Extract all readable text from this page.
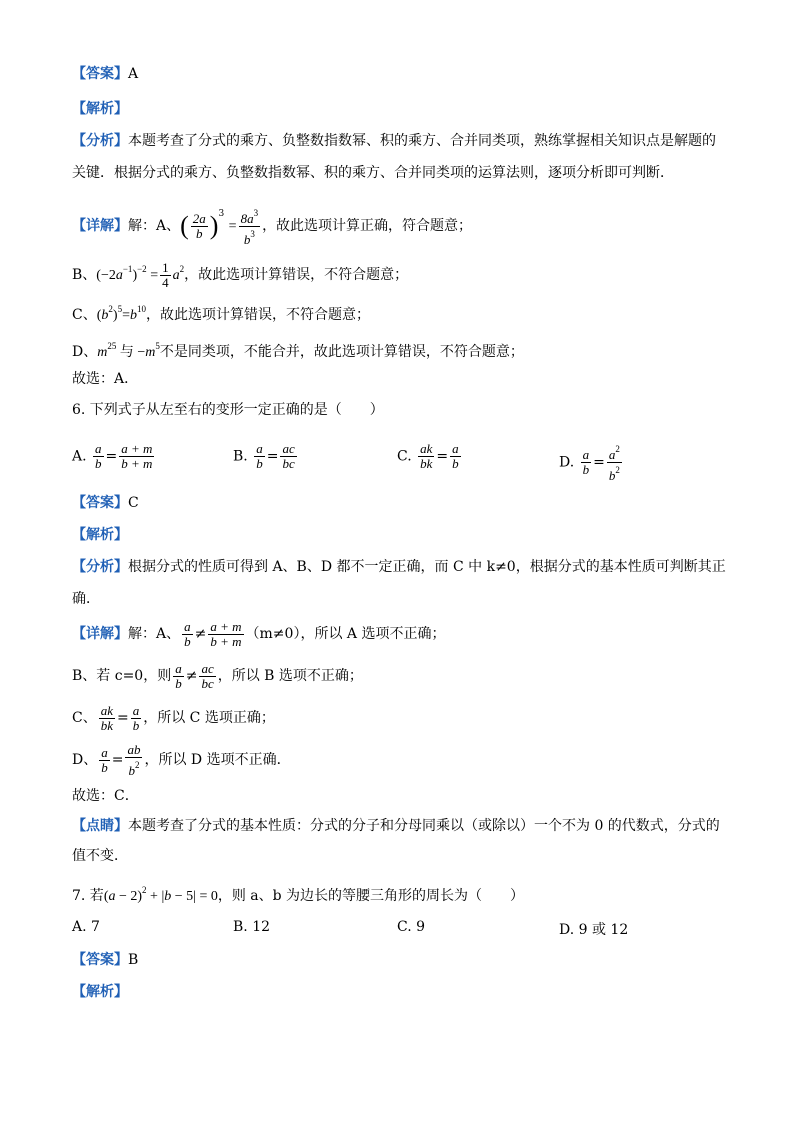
【答案】A
【解析】
【分析】本题考查了分式的乘方、负整数指数幂、积的乘方、合并同类项，熟练掌握相关知识点是解题的
关键．根据分式的乘方、负整数指数幂、积的乘方、合并同类项的运算法则，逐项分析即可判断．
【详解】解：A、( $\frac{2a}{b} )^3 = \frac{8a^3}{b^3}$ ，故此选项计算正确，符合题意；
B、$(-2a^{-1})^{-2} = \frac{1}{4} a^2$，故此选项计算错误，不符合题意；
C、$(b^2)^5=b^{10}$，故此选项计算错误，不符合题意；
D、$m^{25}$ 与 $-m^5$不是同类项，不能合并，故此选项计算错误，不符合题意；
故选：A．
6. 下列式子从左至右的变形一定正确的是（　　）
A. $\frac{a}{b} = \frac{a + m}{b + m}$	B. $\frac{a}{b} = \frac{ac}{bc}$	C. $\frac{ak}{bk} = \frac{a}{b}$	D. $\frac{a}{b} = \frac{a^2}{b^2}$
【答案】C
【解析】
【分析】根据分式的性质可得到 A、B、D 都不一定正确，而 C 中 k≠0，根据分式的基本性质可判断其正
确．
【详解】解：A、 $\frac{a}{b} \ne \frac{a + m}{b + m} (m\ne 0)$，所以 A 选项不正确；
B、若 c=0，则 $\frac{a}{b} \ne \frac{ac}{bc}$ ，所以 B 选项不正确；
C、 $\frac{ak}{bk} = \frac{a}{b}$ ，所以 C 选项正确；
D、 $\frac{a}{b} = \frac{ab}{b^2}$ ，所以 D 选项不正确．
故选：C．
【点睛】本题考查了分式的基本性质：分式的分子和分母同乘以（或除以）一个不为 0 的代数式，分式的
值不变．
7. 若$(a - 2)^2 + |b - 5| = 0$，则 a、b 为边长的等腰三角形的周长为（　　）
A. 7	B. 12	C. 9	D. 9 或 12
【答案】B
【解析】
